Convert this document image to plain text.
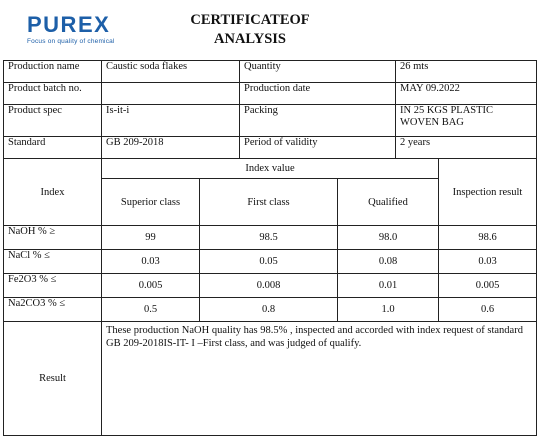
PUREX
Focus on quality of chemical
CERTIFICATEOF
ANALYSIS
Production name	Caustic soda flakes		Quantity		26 mts	
Product batch no.			Production date		MAY 09.2022	
Product spec	Is-it-i		Packing		IN 25 KGS PLASTIC WOVEN BAG	
Standard	GB 209-2018		Period of validity		2 years	
Index	Index value					Inspection result
	Superior class	First class		Qualified		
NaOH % ≥	99	98.5		98.0		98.6
NaCl % ≤	0.03	0.05		0.08		0.03
Fe2O3 % ≤	0.005	0.008		0.01		0.005
Na2CO3 % ≤	0.5	0.8		1.0		0.6
Result	These production NaOH quality has 98.5% , inspected and accorded with index request of standard GB 209-2018IS-IT- I –First class, and was judged of qualify.					
